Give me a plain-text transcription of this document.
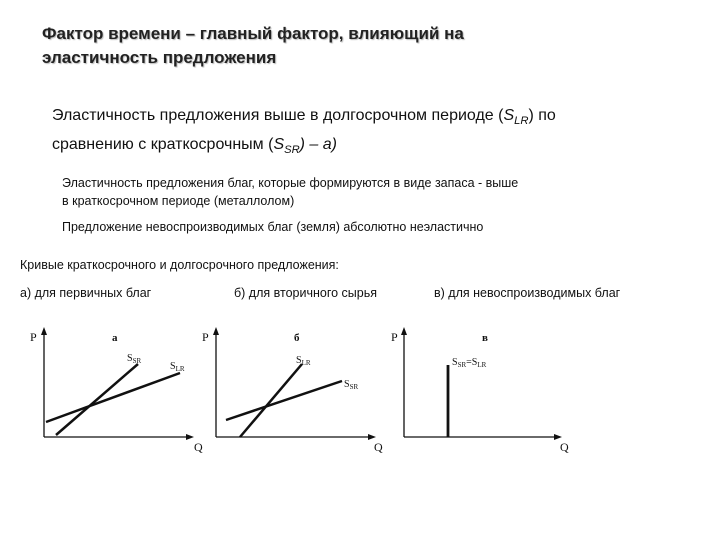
Фактор времени – главный фактор, влияющий на
эластичность предложения
Эластичность предложения выше в долгосрочном периоде $(S_{LR})$ по
сравнению с краткосрочным $(S_{SR}) - а$)
Эластичность предложения благ, которые формируются в виде запаса - выше
в краткосрочном периоде (металлолом)
Предложение невоспроизводимых благ (земля) абсолютно неэластично
Кривые краткосрочного и долгосрочного предложения:
а) для первичных благ	б) для вторичного сырья	в) для невоспроизводимых благ
P
Q
а
$S_{SR}$	$S_{LR}$
P
Q
б
$S_{LR}$
$S_{SR}$
P
Q
в
$S_{SR}=S_{LR}$
